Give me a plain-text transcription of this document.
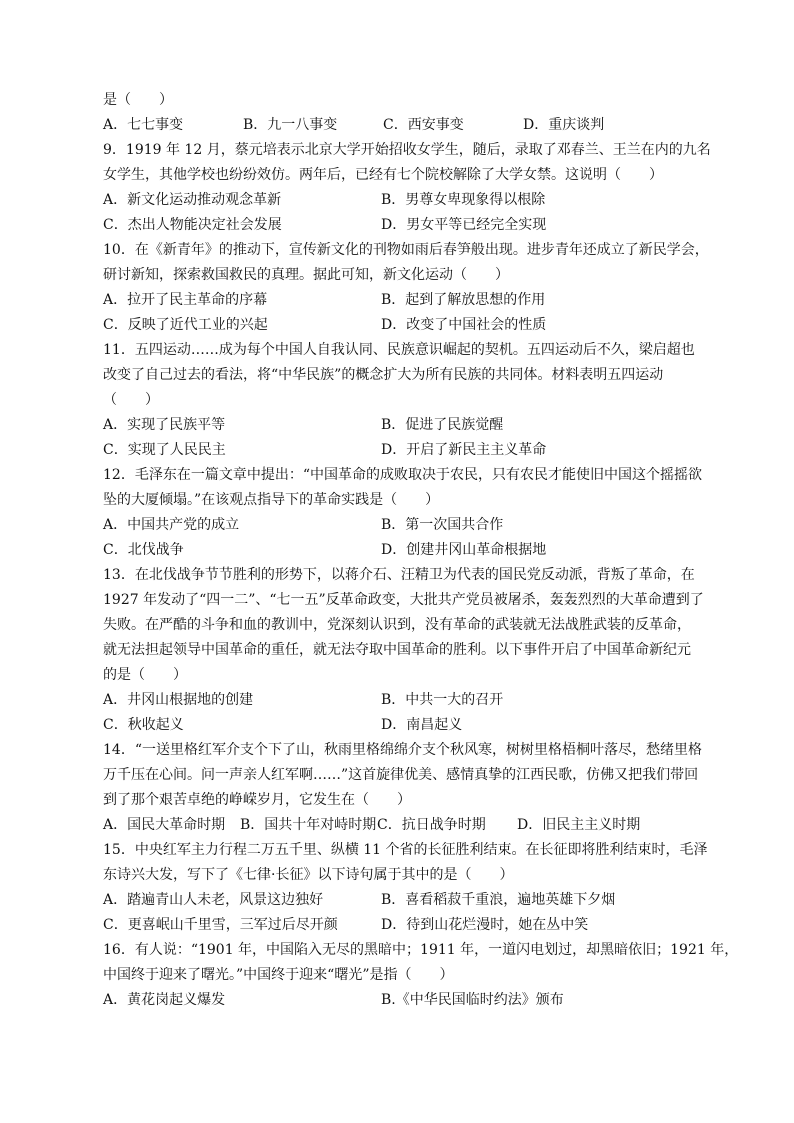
是（　　）
A．七七事变	B．九一八事变	C．西安事变	D．重庆谈判
9．1919 年 12 月，蔡元培表示北京大学开始招收女学生，随后，录取了邓春兰、王兰在内的九名
女学生，其他学校也纷纷效仿。两年后，已经有七个院校解除了大学女禁。这说明（　　）
A．新文化运动推动观念革新	B．男尊女卑现象得以根除
C．杰出人物能决定社会发展	D．男女平等已经完全实现
10．在《新青年》的推动下，宣传新文化的刊物如雨后春笋般出现。进步青年还成立了新民学会，
研讨新知，探索救国救民的真理。据此可知，新文化运动（　　）
A．拉开了民主革命的序幕	B．起到了解放思想的作用
C．反映了近代工业的兴起	D．改变了中国社会的性质
11．五四运动……成为每个中国人自我认同、民族意识崛起的契机。五四运动后不久，梁启超也
改变了自己过去的看法，将“中华民族”的概念扩大为所有民族的共同体。材料表明五四运动
（　　）
A．实现了民族平等	B．促进了民族觉醒
C．实现了人民民主	D．开启了新民主主义革命
12．毛泽东在一篇文章中提出：“中国革命的成败取决于农民，只有农民才能使旧中国这个摇摇欲
坠的大厦倾塌。”在该观点指导下的革命实践是（　　）
A．中国共产党的成立	B．第一次国共合作
C．北伐战争	D．创建井冈山革命根据地
13．在北伐战争节节胜利的形势下，以蒋介石、汪精卫为代表的国民党反动派，背叛了革命，在
1927 年发动了“四一二”、“七一五”反革命政变，大批共产党员被屠杀，轰轰烈烈的大革命遭到了
失败。在严酷的斗争和血的教训中，党深刻认识到，没有革命的武装就无法战胜武装的反革命，
就无法担起领导中国革命的重任，就无法夺取中国革命的胜利。以下事件开启了中国革命新纪元
的是（　　）
A．井冈山根据地的创建	B．中共一大的召开
C．秋收起义	D．南昌起义
14．“一送里格红军介支个下了山，秋雨里格绵绵介支个秋风寒，树树里格梧桐叶落尽，愁绪里格
万千压在心间。问一声亲人红军啊……”这首旋律优美、感情真挚的江西民歌，仿佛又把我们带回
到了那个艰苦卓绝的峥嵘岁月，它发生在（　　）
A．国民大革命时期	B．国共十年对峙时期 C．抗日战争时期	D．旧民主主义时期
15．中央红军主力行程二万五千里、纵横 11 个省的长征胜利结束。在长征即将胜利结束时，毛泽
东诗兴大发，写下了《七律·长征》以下诗句属于其中的是（　　）
A．踏遍青山人未老，风景这边独好	B．喜看稻菽千重浪，遍地英雄下夕烟
C．更喜岷山千里雪，三军过后尽开颜	D．待到山花烂漫时，她在丛中笑
16．有人说：“1901 年，中国陷入无尽的黑暗中；1911 年，一道闪电划过，却黑暗依旧；1921 年，
中国终于迎来了曙光。”中国终于迎来“曙光”是指（　　）
A．黄花岗起义爆发	B.《中华民国临时约法》颁布
